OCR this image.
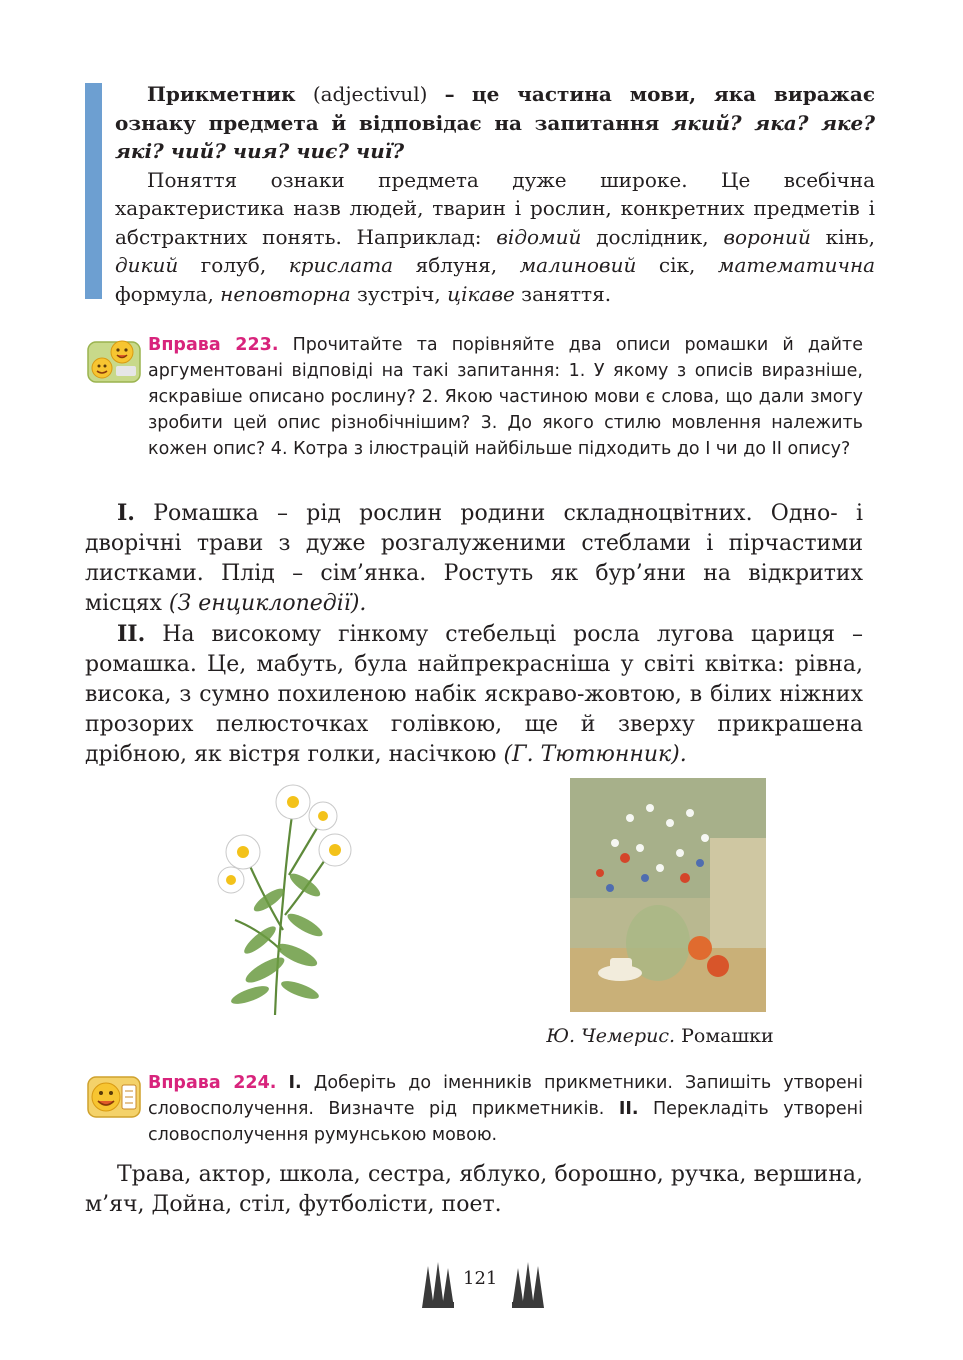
Прикметник (adjectivul) – це частина мови, яка виражає ознаку предмета й відповідає на запитання який? яка? яке? які? чий? чия? чиє? чиї?

Поняття ознаки предмета дуже широке. Це всебічна характеристика назв людей, тварин і рослин, конкретних предметів і абстрактних понять. Наприклад: відомий дослідник, вороний кінь, дикий голуб, крислата яблуня, малиновий сік, математична формула, неповторна зустріч, цікаве заняття.

Вправа 223. Прочитайте та порівняйте два описи ромашки й дайте аргументовані відповіді на такі запитання: 1. У якому з описів виразніше, яскравіше описано рослину? 2. Якою частиною мови є слова, що дали змогу зробити цей опис різнобічнішим? 3. До якого стилю мовлення належить кожен опис? 4. Котра з ілюстрацій найбільше підходить до І чи до ІІ опису?

І. Ромашка – рід рослин родини складноцвітних. Одно- і дворічні трави з дуже розгалуженими стеблами і пірчастими листками. Плід – сім’янка. Ростуть як бур’яни на відкритих місцях (З енциклопедії).

ІІ. На високому гінкому стебельці росла лугова цариця – ромашка. Це, мабуть, була найпрекрасніша у світі квітка: рівна, висока, з сумно похиленою набік яскраво-жовтою, в білих ніжних прозорих пелюсточках голівкою, ще й зверху прикрашена дрібною, як вістря голки, насічкою (Г. Тютюнник).

Ю. Чемерис. Ромашки
Вправа 224. І. Доберіть до іменників прикметники. Запишіть утворені словосполучення. Визначте рід прикметників. ІІ. Перекладіть утворені словосполучення румунською мовою.

Трава, актор, школа, сестра, яблуко, борошно, ручка, вершина, м’яч, Дойна, стіл, футболісти, поет.

121
